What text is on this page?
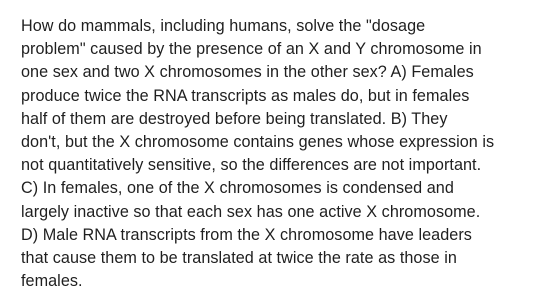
How do mammals, including humans, solve the "dosage
problem" caused by the presence of an X and Y chromosome in
one sex and two X chromosomes in the other sex? A) Females
produce twice the RNA transcripts as males do, but in females
half of them are destroyed before being translated. B) They
don't, but the X chromosome contains genes whose expression is
not quantitatively sensitive, so the differences are not important.
C) In females, one of the X chromosomes is condensed and
largely inactive so that each sex has one active X chromosome.
D) Male RNA transcripts from the X chromosome have leaders
that cause them to be translated at twice the rate as those in
females.
